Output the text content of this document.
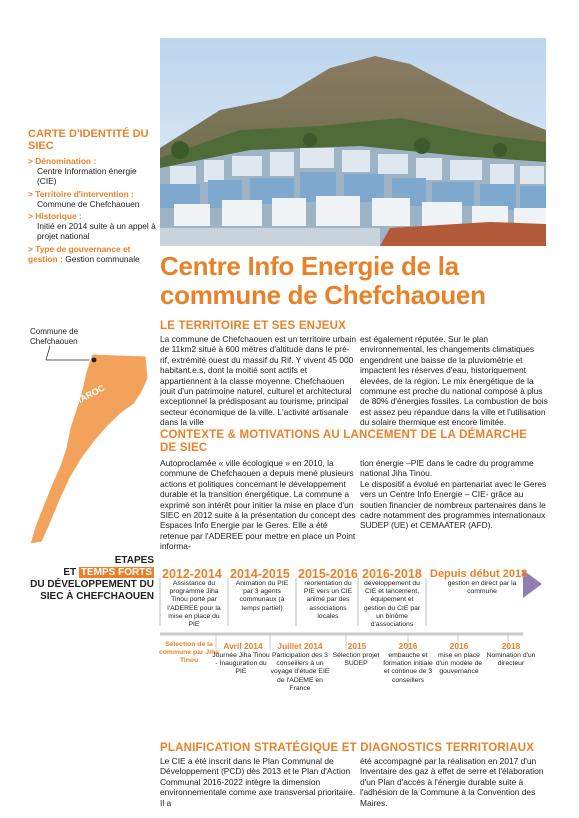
CARTE D'IDENTITÉ DU SIEC
> Dénomination :
Centre Information énergie (CIE)
> Territoire d'intervention :
Commune de Chefchaouen
> Historique :
Initié en 2014 suite à un appel à projet national
> Type de gouvernance et gestion : Gestion communale Centre Info Energie de la commune de Chefchaouen
Commune de Chefchaouen
MAROC
LE TERRITOIRE ET SES ENJEUX
La commune de Chefchaouen est un territoire urbain de 11km2 situé à 600 mètres d'altitude dans le pré-rif, extrémité ouest du massif du Rif. Y vivent 45 000 habitant.e.s, dont la moitié sont actifs et appartiennent à la classe moyenne. Chefchaouen jouit d'un patrimoine naturel, culturel et architectural exceptionnel la prédisposant au tourisme, principal secteur économique de la ville. L'activité artisanale dans la ville
est également réputée. Sur le plan environnemental, les changements climatiques engendrent une baisse de la pluviométrie et impactent les réserves d'eau, historiquement élevées, de la région. Le mix énergétique de la commune est proche du national composé à plus de 80% d'énergies fossiles. La combustion de bois est assez peu répandue dans la ville et l'utilisation du solaire thermique est encore limitée.
CONTEXTE & MOTIVATIONS AU LANCEMENT DE LA DÉMARCHE DE SIEC
Autoproclamée « ville écologique » en 2010, la commune de Chefchaouen a depuis mené plusieurs actions et politiques concernant le développement durable et la transition énergétique. La commune a exprimé son intérêt pour initier la mise en place d'un SIEC en 2012 suite à la présentation du concept des Espaces Info Energie par le Geres. Elle a été retenue par l'ADEREE pour mettre en place un Point informa-
tion énergie –PIE dans le cadre du programme national Jiha Tinou.
Le dispositif a évolué en partenariat avec le Geres vers un Centre Info Energie – CIE- grâce au soutien financier de nombreux partenaires dans le cadre notamment des programmes internationaux SUDEP (UE) et CEMAATER (AFD).
ETAPES
ET TEMPS FORTS
DU DÉVELOPPEMENT DU SIEC À CHEFCHAOUEN
2012-2014
Assistance du programme Jiha Tinou porté par l'ADEREE pour la mise en place du PIE
2014-2015
Animation du PIE par 3 agents communaux (à temps partiel)
2015-2016
réorientation du PIE vers un CIE animé par des associations locales
2016-2018
développement du CIE et lancement, équipement et gestion du CIE par un binôme d'associations
Depuis début 2018
gestion en direct par la commune
Sélection de la commune par Jiha Tinou
Avril 2014
Journée Jiha Tinou - Inauguration du PIE
Juillet 2014
Participation des 3 conseillers à un voyage d'étude EIE de l'ADEME en France
2015
Sélection projet SUDEP
2016
embauche et formation initiale et continue de 3 conseillers
2016
mise en place d'un modèle de gouvernance
2018
Nomination d'un directeur
PLANIFICATION STRATÉGIQUE ET DIAGNOSTICS TERRITORIAUX
Le CIE a été inscrit dans le Plan Communal de Développement (PCD) dès 2013 et le Plan d'Action Communal 2016-2022 intègre la dimension environnementale comme axe transversal prioritaire. Il a
été accompagné par la réalisation en 2017 d'un Inventaire des gaz à effet de serre et l'élaboration d'un Plan d'accès à l'énergie durable suite à l'adhésion de la Commune à la Convention des Maires.
